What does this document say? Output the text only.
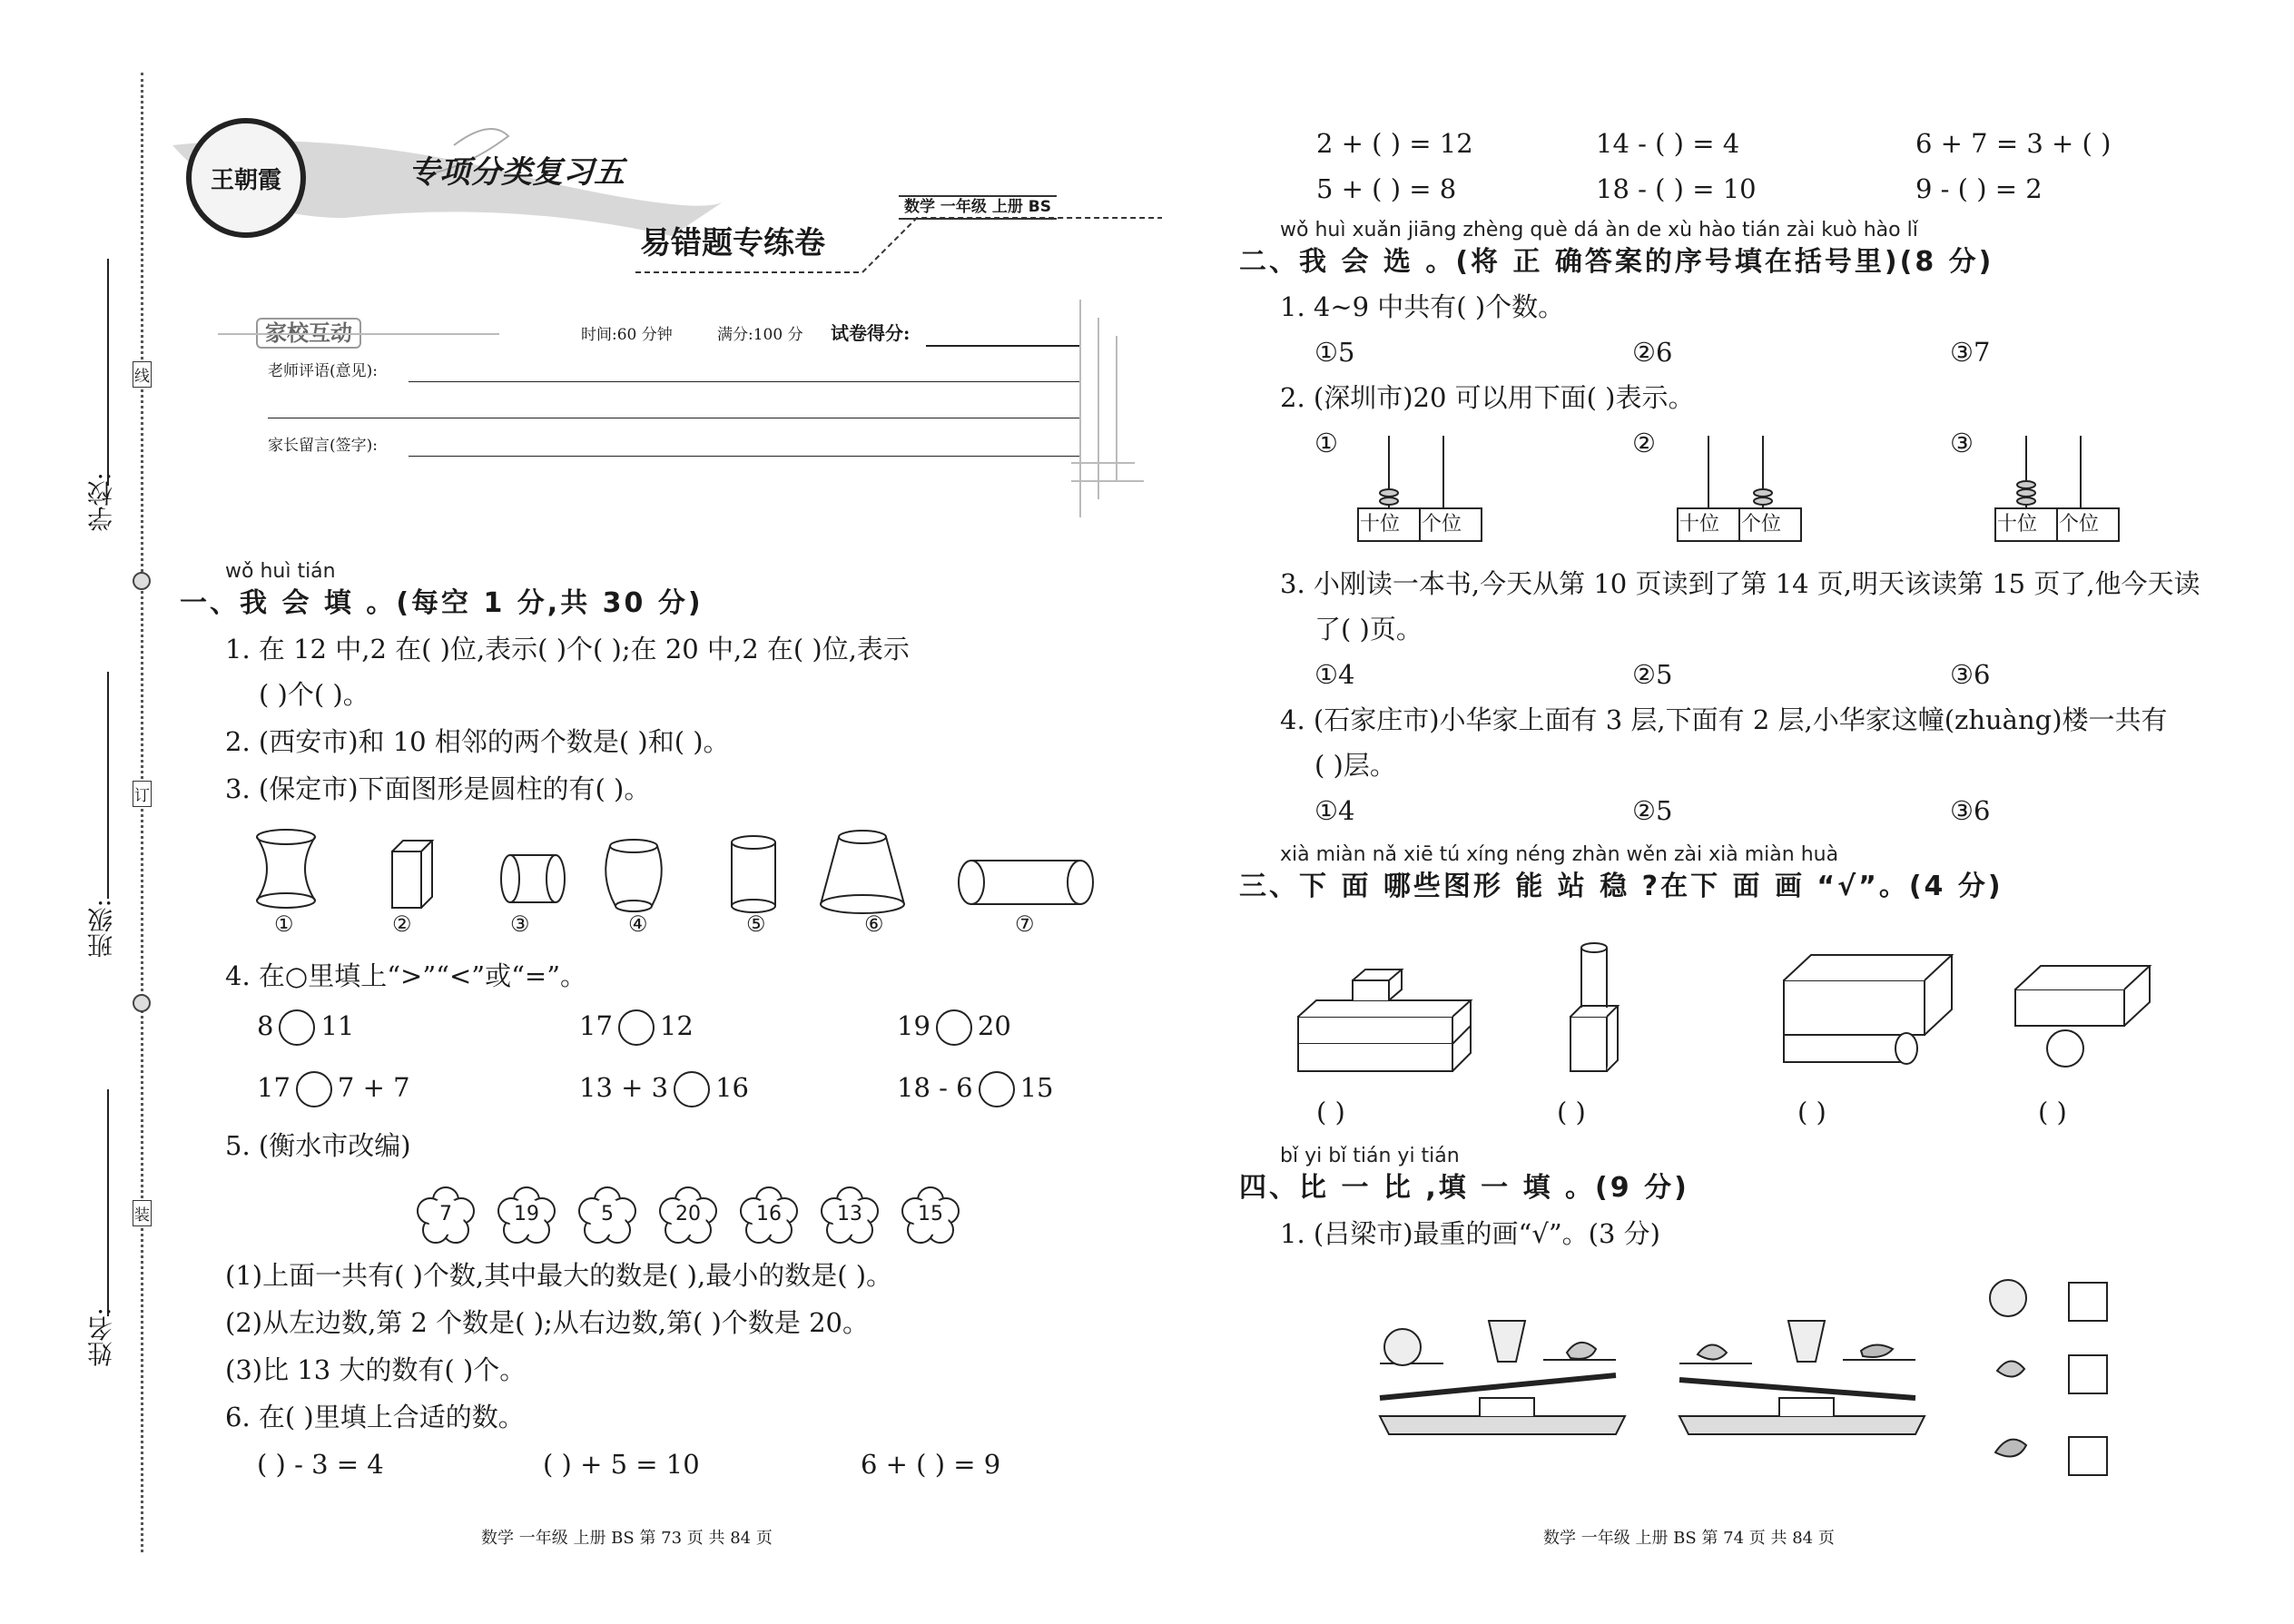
学校:
班级:
姓名:
线
订
装
王朝霞	专项分类复习五
数学 一年级 上册 BS
易错题专练卷
家校互动	时间:60 分钟	满分:100 分 试卷得分:
老师评语(意见):
家长留言(签字):
wǒ huì tián
一、我 会 填 。(每空 1 分,共 30 分)
1. 在 12 中,2 在( )位,表示( )个( );在 20 中,2 在( )位,表示
( )个( )。
2. (西安市)和 10 相邻的两个数是( )和( )。
3. (保定市)下面图形是圆柱的有( )。
①	②	③	④	⑤	⑥	⑦
4. 在○里填上“>”“<”或“=”。
8 11	17 12	19 20
17 7 + 7	13 + 3 16	18 - 6 15
5. (衡水市改编)
7	19	5	20	16	13	15
(1)上面一共有( )个数,其中最大的数是( ),最小的数是( )。
(2)从左边数,第 2 个数是( );从右边数,第( )个数是 20。
(3)比 13 大的数有( )个。
6. 在( )里填上合适的数。
( ) - 3 = 4	( ) + 5 = 10	6 + ( ) = 9
数学 一年级 上册 BS 第 73 页 共 84 页
2 + ( ) = 12	14 - ( ) = 4	6 + 7 = 3 + ( )
5 + ( ) = 8	18 - ( ) = 10	9 - ( ) = 2
wǒ huì xuǎn jiāng zhèng què dá àn de xù hào tián zài kuò hào lǐ
二、我 会 选 。(将 正 确答案的序号填在括号里)(8 分)
1. 4~9 中共有( )个数。
①5	②6	③7
2. (深圳市)20 可以用下面( )表示。
①	②	③
十位 个位	十位 个位	十位 个位
3. 小刚读一本书,今天从第 10 页读到了第 14 页,明天该读第 15 页了,他今天读
了( )页。
①4	②5	③6
4. (石家庄市)小华家上面有 3 层,下面有 2 层,小华家这幢(zhuàng)楼一共有
( )层。
①4	②5	③6
xià miàn nǎ xiē tú xíng néng zhàn wěn zài xià miàn huà
三、下 面 哪些图形 能 站 稳 ?在下 面 画 “√”。(4 分)
( )	( )	( )	( )
bǐ yi bǐ tián yi tián
四、比 一 比 ,填 一 填 。(9 分)
1. (吕梁市)最重的画“√”。(3 分)
数学 一年级 上册 BS 第 74 页 共 84 页
